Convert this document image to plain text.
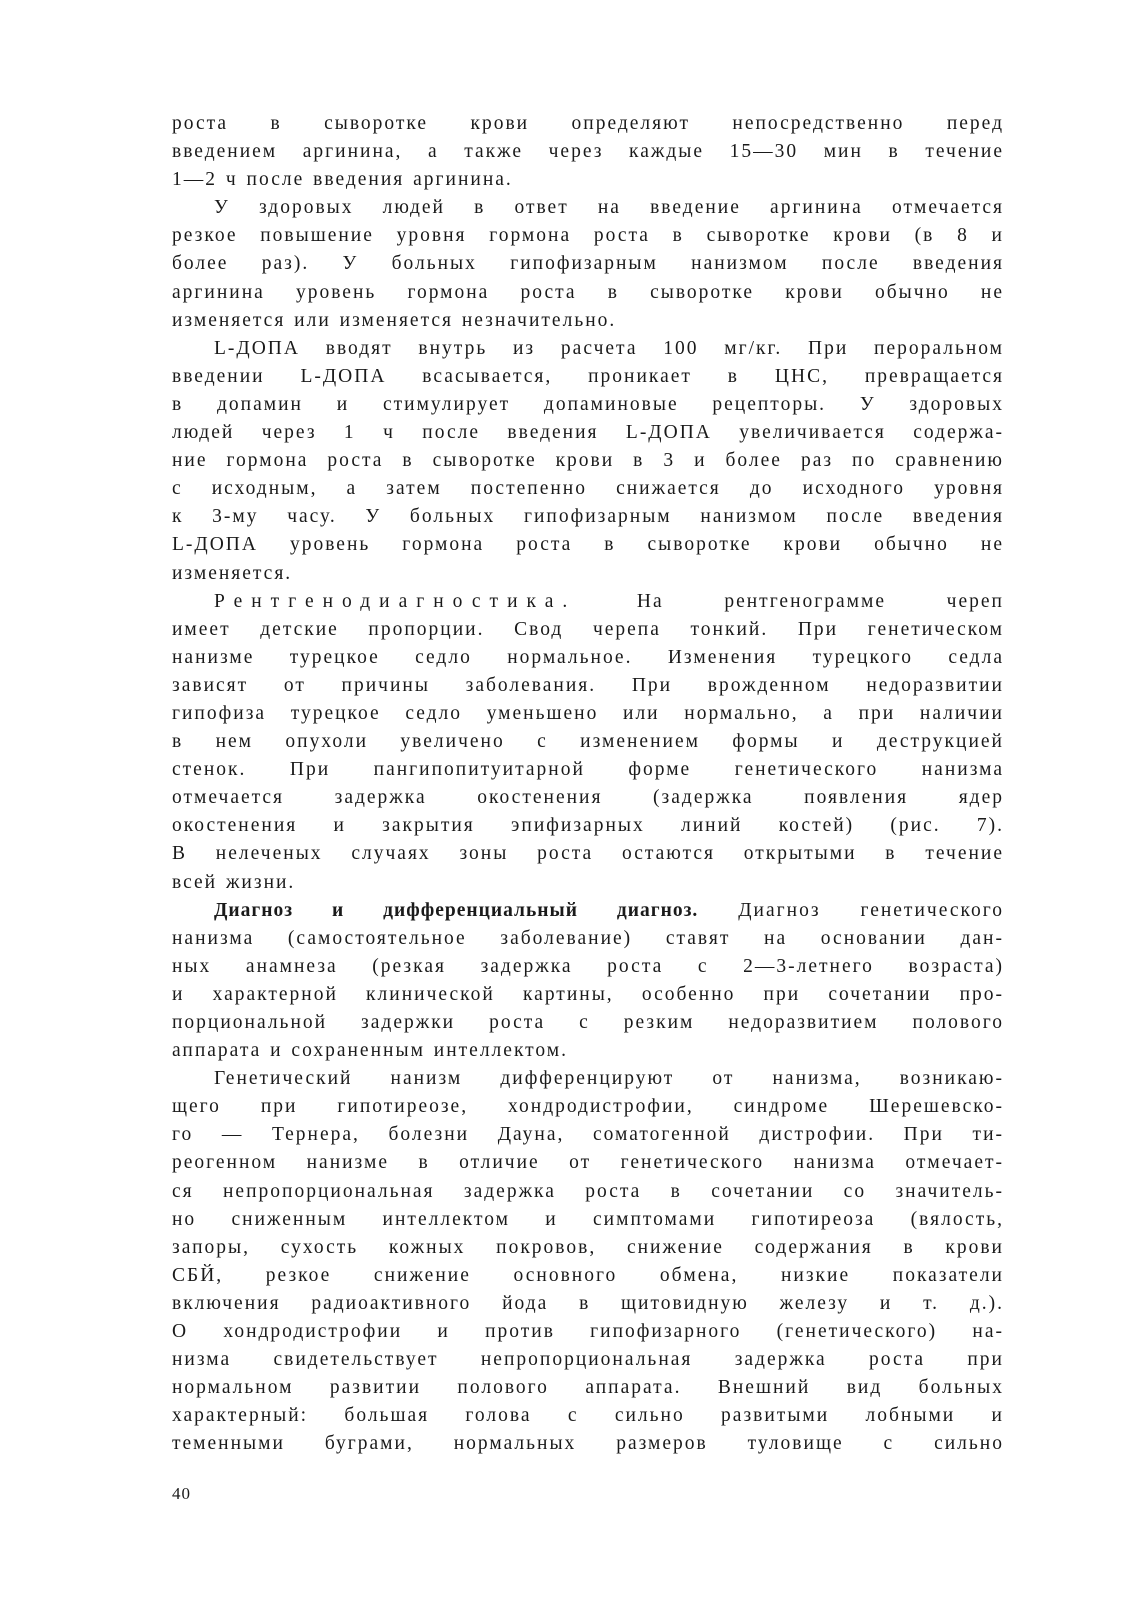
роста в сыворотке крови определяют непосредственно перед
введением аргинина, а также через каждые 15—30 мин в течение
1—2 ч после введения аргинина.
У здоровых людей в ответ на введение аргинина отмечается
резкое повышение уровня гормона роста в сыворотке крови (в 8 и
более раз). У больных гипофизарным нанизмом после введения
аргинина уровень гормона роста в сыворотке крови обычно не
изменяется или изменяется незначительно.
L-ДОПА вводят внутрь из расчета 100 мг/кг. При пероральном
введении L-ДОПА всасывается, проникает в ЦНС, превращается
в допамин и стимулирует допаминовые рецепторы. У здоровых
людей через 1 ч после введения L-ДОПА увеличивается содержа-
ние гормона роста в сыворотке крови в 3 и более раз по сравнению
с исходным, а затем постепенно снижается до исходного уровня
к 3-му часу. У больных гипофизарным нанизмом после введения
L-ДОПА уровень гормона роста в сыворотке крови обычно не
изменяется.
Рентгенодиагностика. На рентгенограмме череп
имеет детские пропорции. Свод черепа тонкий. При генетическом
нанизме турецкое седло нормальное. Изменения турецкого седла
зависят от причины заболевания. При врожденном недоразвитии
гипофиза турецкое седло уменьшено или нормально, а при наличии
в нем опухоли увеличено с изменением формы и деструкцией
стенок. При пангипопитуитарной форме генетического нанизма
отмечается задержка окостенения (задержка появления ядер
окостенения и закрытия эпифизарных линий костей) (рис. 7).
В нелеченых случаях зоны роста остаются открытыми в течение
всей жизни.
Диагноз и дифференциальный диагноз. Диагноз генетического
нанизма (самостоятельное заболевание) ставят на основании дан-
ных анамнеза (резкая задержка роста с 2—3-летнего возраста)
и характерной клинической картины, особенно при сочетании про-
порциональной задержки роста с резким недоразвитием полового
аппарата и сохраненным интеллектом.
Генетический нанизм дифференцируют от нанизма, возникаю-
щего при гипотиреозе, хондродистрофии, синдроме Шерешевско-
го — Тернера, болезни Дауна, соматогенной дистрофии. При ти-
реогенном нанизме в отличие от генетического нанизма отмечает-
ся непропорциональная задержка роста в сочетании со значитель-
но сниженным интеллектом и симптомами гипотиреоза (вялость,
запоры, сухость кожных покровов, снижение содержания в крови
СБЙ, резкое снижение основного обмена, низкие показатели
включения радиоактивного йода в щитовидную железу и т. д.).
О хондродистрофии и против гипофизарного (генетического) на-
низма свидетельствует непропорциональная задержка роста при
нормальном развитии полового аппарата. Внешний вид больных
характерный: большая голова с сильно развитыми лобными и
теменными буграми, нормальных размеров туловище с сильно
40
